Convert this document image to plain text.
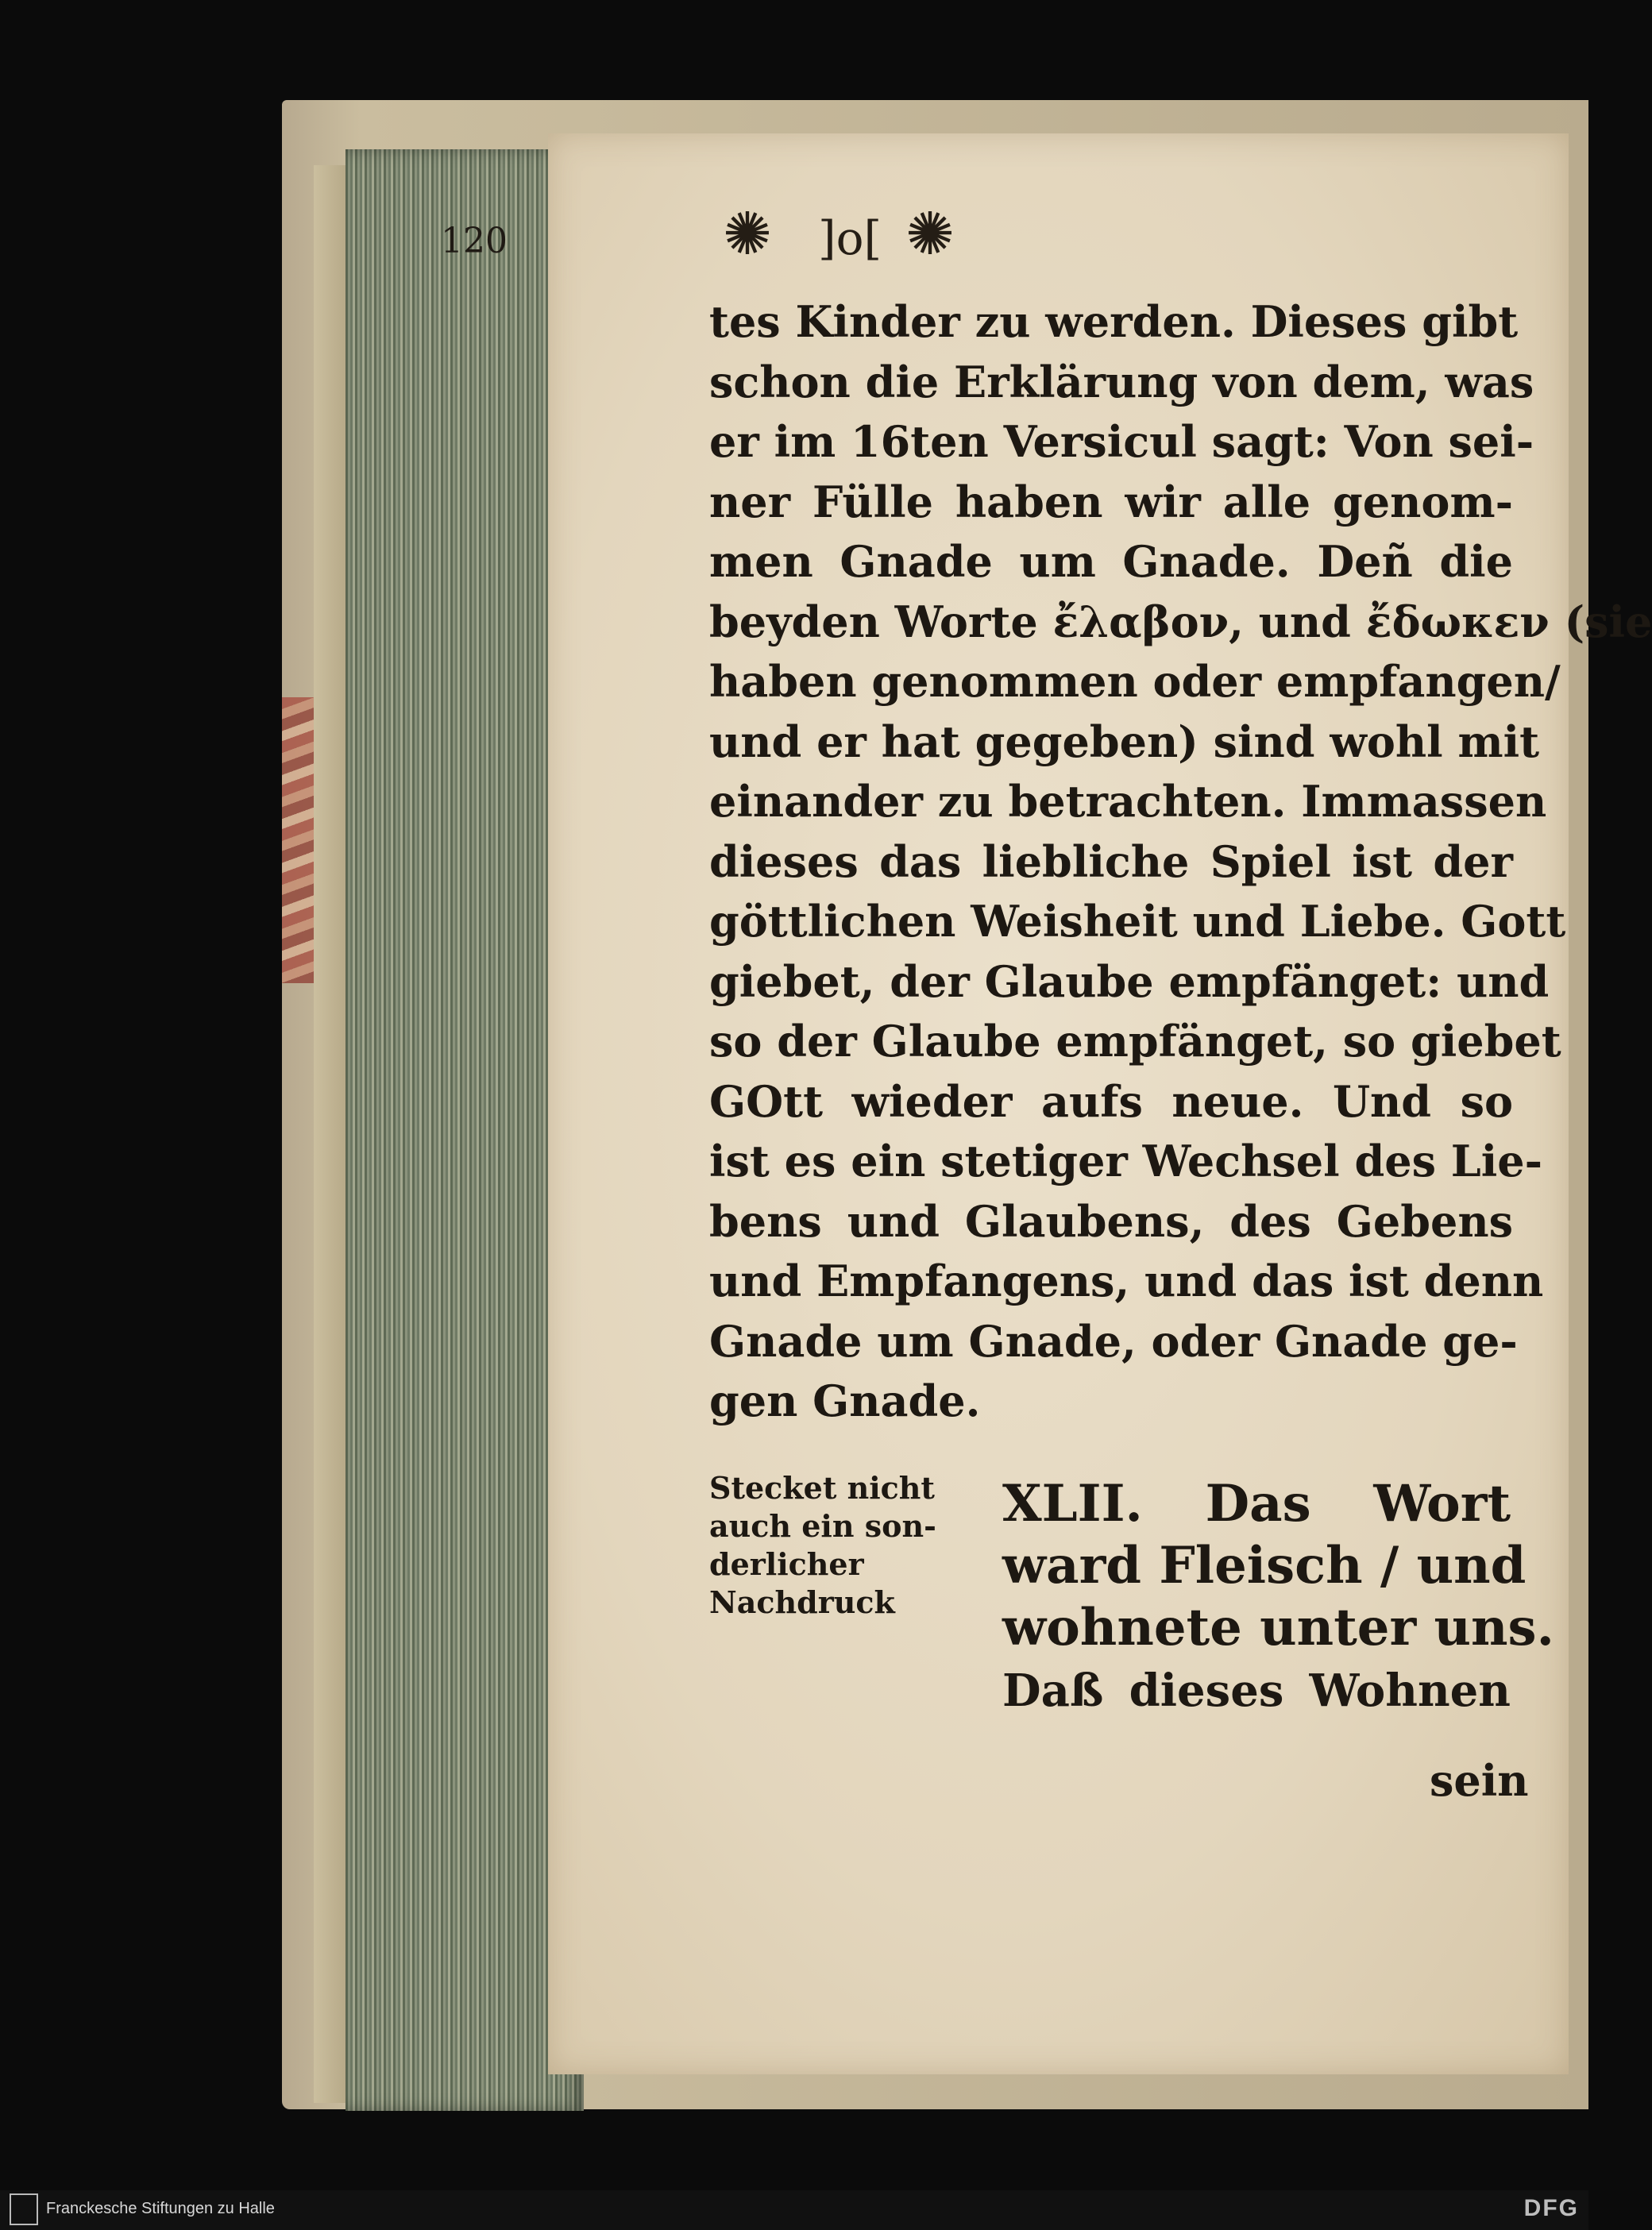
120	✺ ]o[ ✺
tes Kinder zu werden. Dieses gibt
schon die Erklärung von dem, was
er im 16ten Versicul sagt: Von sei-
ner Fülle haben wir alle genom-
men Gnade um Gnade. Deñ die
beyden Worte ἔλαβον, und ἔδωκεν (sie
haben genommen oder empfangen/
und er hat gegeben) sind wohl mit
einander zu betrachten. Immassen
dieses das liebliche Spiel ist der
göttlichen Weisheit und Liebe. Gott
giebet, der Glaube empfänget: und
so der Glaube empfänget, so giebet
GOtt wieder aufs neue. Und so
ist es ein stetiger Wechsel des Lie-
bens und Glaubens, des Gebens
und Empfangens, und das ist denn
Gnade um Gnade, oder Gnade ge-
gen Gnade.
Stecket nicht
auch ein son-
derlicher
Nachdruck
XLII. Das Wort
ward Fleisch / und
wohnete unter uns.
Daß dieses Wohnen
sein
Franckesche Stiftungen zu Halle	DFG
